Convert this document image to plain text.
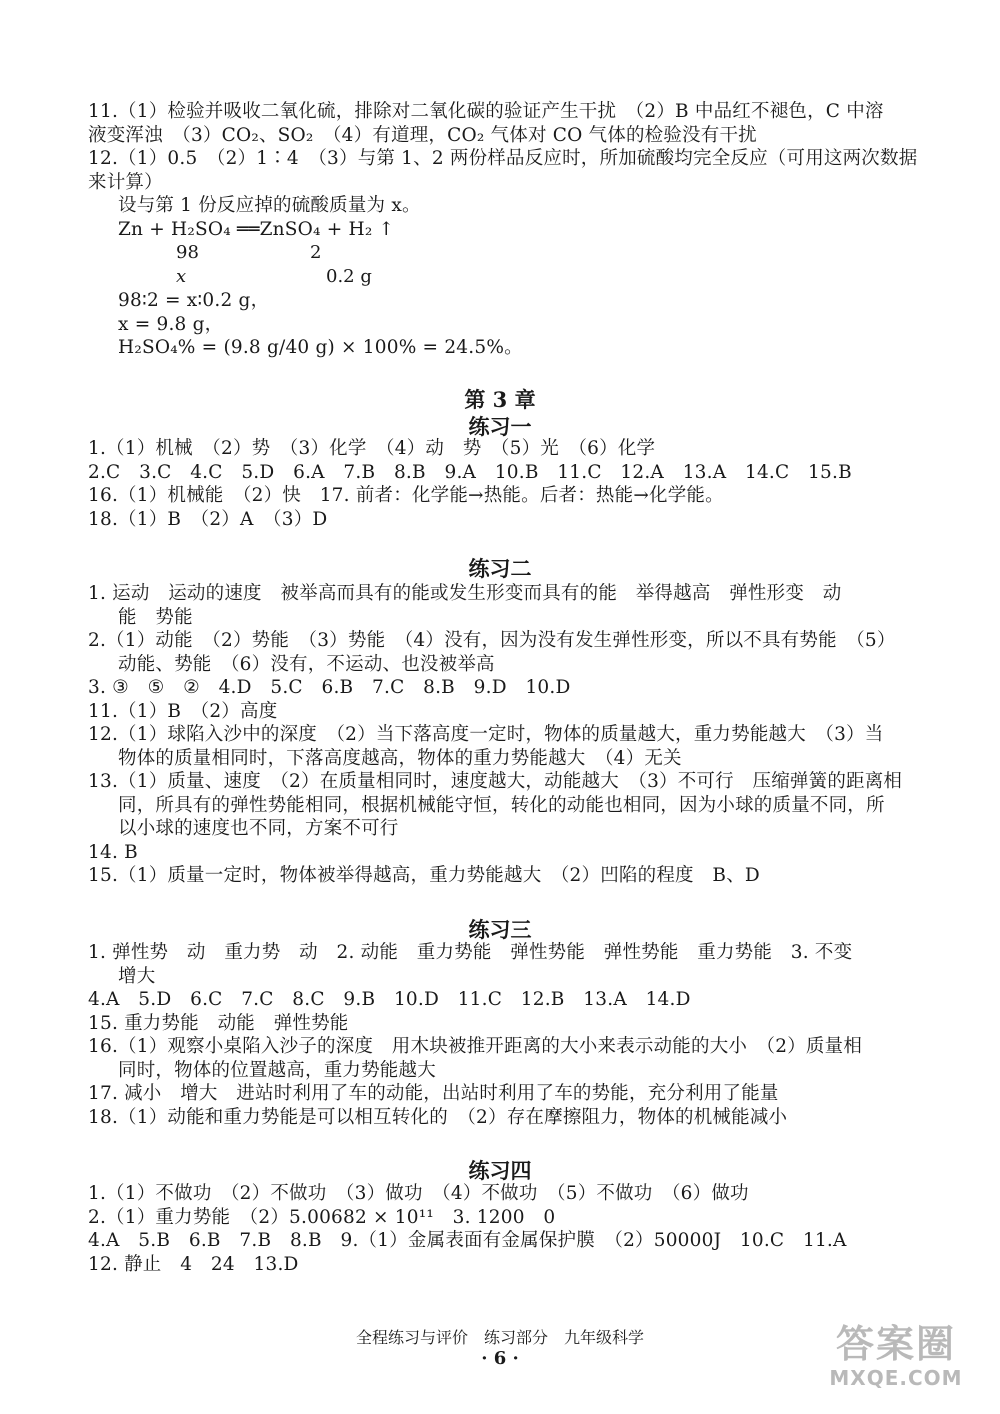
11.（1）检验并吸收二氧化硫，排除对二氧化碳的验证产生干扰　（2）B 中品红不褪色，C 中溶
液变浑浊　（3）CO₂、SO₂　（4）有道理，CO₂ 气体对 CO 气体的检验没有干扰
12.（1）0.5　（2）1∶4　（3）与第 1、2 两份样品反应时，所加硫酸均完全反应（可用这两次数据
来计算）
设与第 1 份反应掉的硫酸质量为 x。
Zn + H₂SO₄ ══ZnSO₄ + H₂ ↑
98	2
x	0.2 g
98∶2 = x∶0.2 g，
x = 9.8 g，
H₂SO₄% = (9.8 g/40 g) × 100% = 24.5%。
第 3 章
练习一
1.（1）机械　（2）势　（3）化学　（4）动　势　（5）光　（6）化学
2.C　3.C　4.C　5.D　6.A　7.B　8.B　9.A　10.B　11.C　12.A　13.A　14.C　15.B
16.（1）机械能　（2）快　17. 前者：化学能→热能。后者：热能→化学能。
18.（1）B　（2）A　（3）D
练习二
1. 运动　运动的速度　被举高而具有的能或发生形变而具有的能　举得越高　弹性形变　动
能　势能
2.（1）动能　（2）势能　（3）势能　（4）没有，因为没有发生弹性形变，所以不具有势能　（5）
动能、势能　（6）没有，不运动、也没被举高
3. ③　⑤　②　4.D　5.C　6.B　7.C　8.B　9.D　10.D
11.（1）B　（2）高度
12.（1）球陷入沙中的深度　（2）当下落高度一定时，物体的质量越大，重力势能越大　（3）当
物体的质量相同时，下落高度越高，物体的重力势能越大　（4）无关
13.（1）质量、速度　（2）在质量相同时，速度越大，动能越大　（3）不可行　压缩弹簧的距离相
同，所具有的弹性势能相同，根据机械能守恒，转化的动能也相同，因为小球的质量不同，所
以小球的速度也不同，方案不可行
14. B
15.（1）质量一定时，物体被举得越高，重力势能越大　（2）凹陷的程度　B、D
练习三
1. 弹性势　动　重力势　动　2. 动能　重力势能　弹性势能　弹性势能　重力势能　3. 不变
增大
4.A　5.D　6.C　7.C　8.C　9.B　10.D　11.C　12.B　13.A　14.D
15. 重力势能　动能　弹性势能
16.（1）观察小桌陷入沙子的深度　用木块被推开距离的大小来表示动能的大小　（2）质量相
同时，物体的位置越高，重力势能越大
17. 减小　增大　进站时利用了车的动能，出站时利用了车的势能，充分利用了能量
18.（1）动能和重力势能是可以相互转化的　（2）存在摩擦阻力，物体的机械能减小
练习四
1.（1）不做功　（2）不做功　（3）做功　（4）不做功　（5）不做功　（6）做功
2.（1）重力势能　（2）5.00682 × 10¹¹　3. 1200　0
4.A　5.B　6.B　7.B　8.B　9.（1）金属表面有金属保护膜　（2）50000J　10.C　11.A
12. 静止　4　24　13.D
全程练习与评价　练习部分　九年级科学
· 6 ·	答案圈
MXQE.COM
